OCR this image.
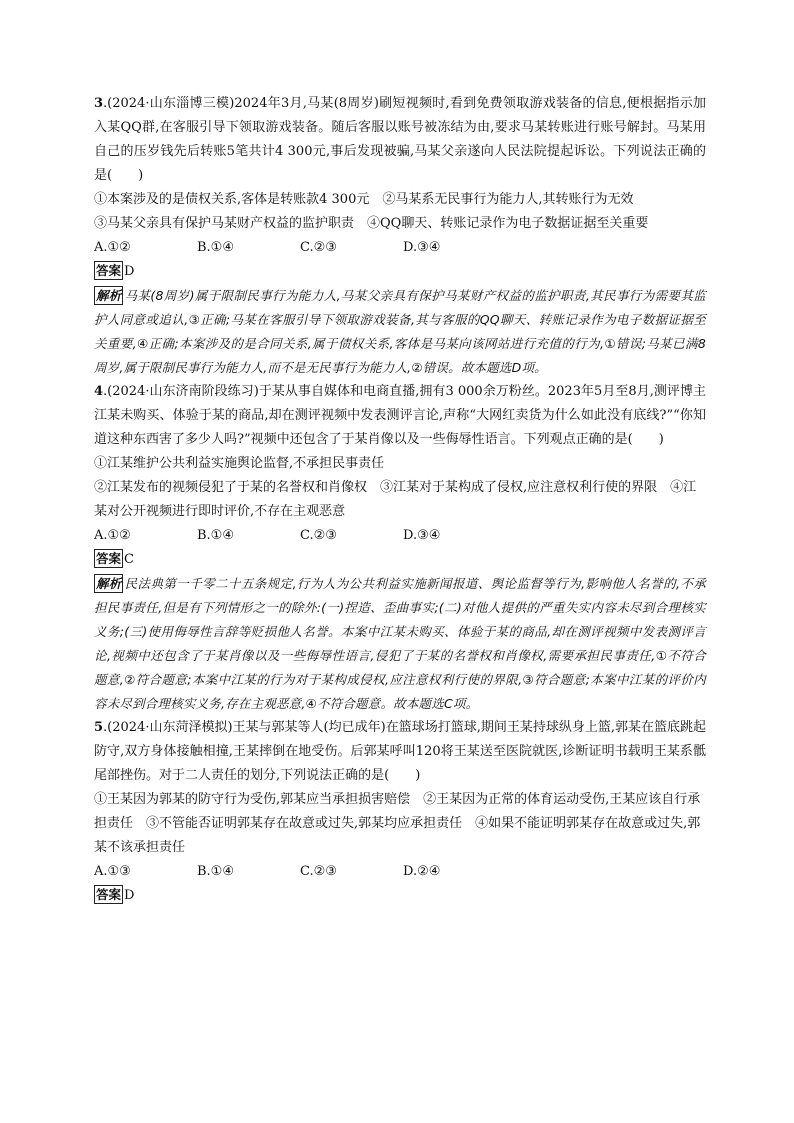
3.(2024·山东淄博三模)2024年3月,马某(8周岁)刷短视频时,看到免费领取游戏装备的信息,便根据指示加入某QQ群,在客服引导下领取游戏装备。随后客服以账号被冻结为由,要求马某转账进行账号解封。马某用自己的压岁钱先后转账5笔共计4 300元,事后发现被骗,马某父亲遂向人民法院提起诉讼。下列说法正确的是(　　)
①本案涉及的是债权关系,客体是转账款4 300元　②马某系无民事行为能力人,其转账行为无效
③马某父亲具有保护马某财产权益的监护职责　④QQ聊天、转账记录作为电子数据证据至关重要
A.①②	B.①④	C.②③	D.③④
答案 D
解析 马某(8周岁)属于限制民事行为能力人,马某父亲具有保护马某财产权益的监护职责,其民事行为需要其监护人同意或追认,③正确;马某在客服引导下领取游戏装备,其与客服的QQ聊天、转账记录作为电子数据证据至关重要,④正确;本案涉及的是合同关系,属于债权关系,客体是马某向该网站进行充值的行为,①错误;马某已满8周岁,属于限制民事行为能力人,而不是无民事行为能力人,②错误。故本题选D项。
4.(2024·山东济南阶段练习)于某从事自媒体和电商直播,拥有3 000余万粉丝。2023年5月至8月,测评博主江某未购买、体验于某的商品,却在测评视频中发表测评言论,声称“大网红卖货为什么如此没有底线?”“你知道这种东西害了多少人吗?”视频中还包含了于某肖像以及一些侮辱性语言。下列观点正确的是(　　)
①江某维护公共利益实施舆论监督,不承担民事责任
②江某发布的视频侵犯了于某的名誉权和肖像权　③江某对于某构成了侵权,应注意权利行使的界限　④江某对公开视频进行即时评价,不存在主观恶意
A.①②	B.①④	C.②③	D.③④
答案 C
解析 民法典第一千零二十五条规定,行为人为公共利益实施新闻报道、舆论监督等行为,影响他人名誉的,不承担民事责任,但是有下列情形之一的除外:(一)捏造、歪曲事实;(二)对他人提供的严重失实内容未尽到合理核实义务;(三)使用侮辱性言辞等贬损他人名誉。本案中江某未购买、体验于某的商品,却在测评视频中发表测评言论,视频中还包含了于某肖像以及一些侮辱性语言,侵犯了于某的名誉权和肖像权,需要承担民事责任,①不符合题意,②符合题意;本案中江某的行为对于某构成侵权,应注意权利行使的界限,③符合题意;本案中江某的评价内容未尽到合理核实义务,存在主观恶意,④不符合题意。故本题选C项。
5.(2024·山东菏泽模拟)王某与郭某等人(均已成年)在篮球场打篮球,期间王某持球纵身上篮,郭某在篮底跳起防守,双方身体接触相撞,王某摔倒在地受伤。后郭某呼叫120将王某送至医院就医,诊断证明书载明王某系骶尾部挫伤。对于二人责任的划分,下列说法正确的是(　　)
①王某因为郭某的防守行为受伤,郭某应当承担损害赔偿　②王某因为正常的体育运动受伤,王某应该自行承担责任　③不管能否证明郭某存在故意或过失,郭某均应承担责任　④如果不能证明郭某存在故意或过失,郭某不该承担责任
A.①③	B.①④	C.②③	D.②④
答案 D
